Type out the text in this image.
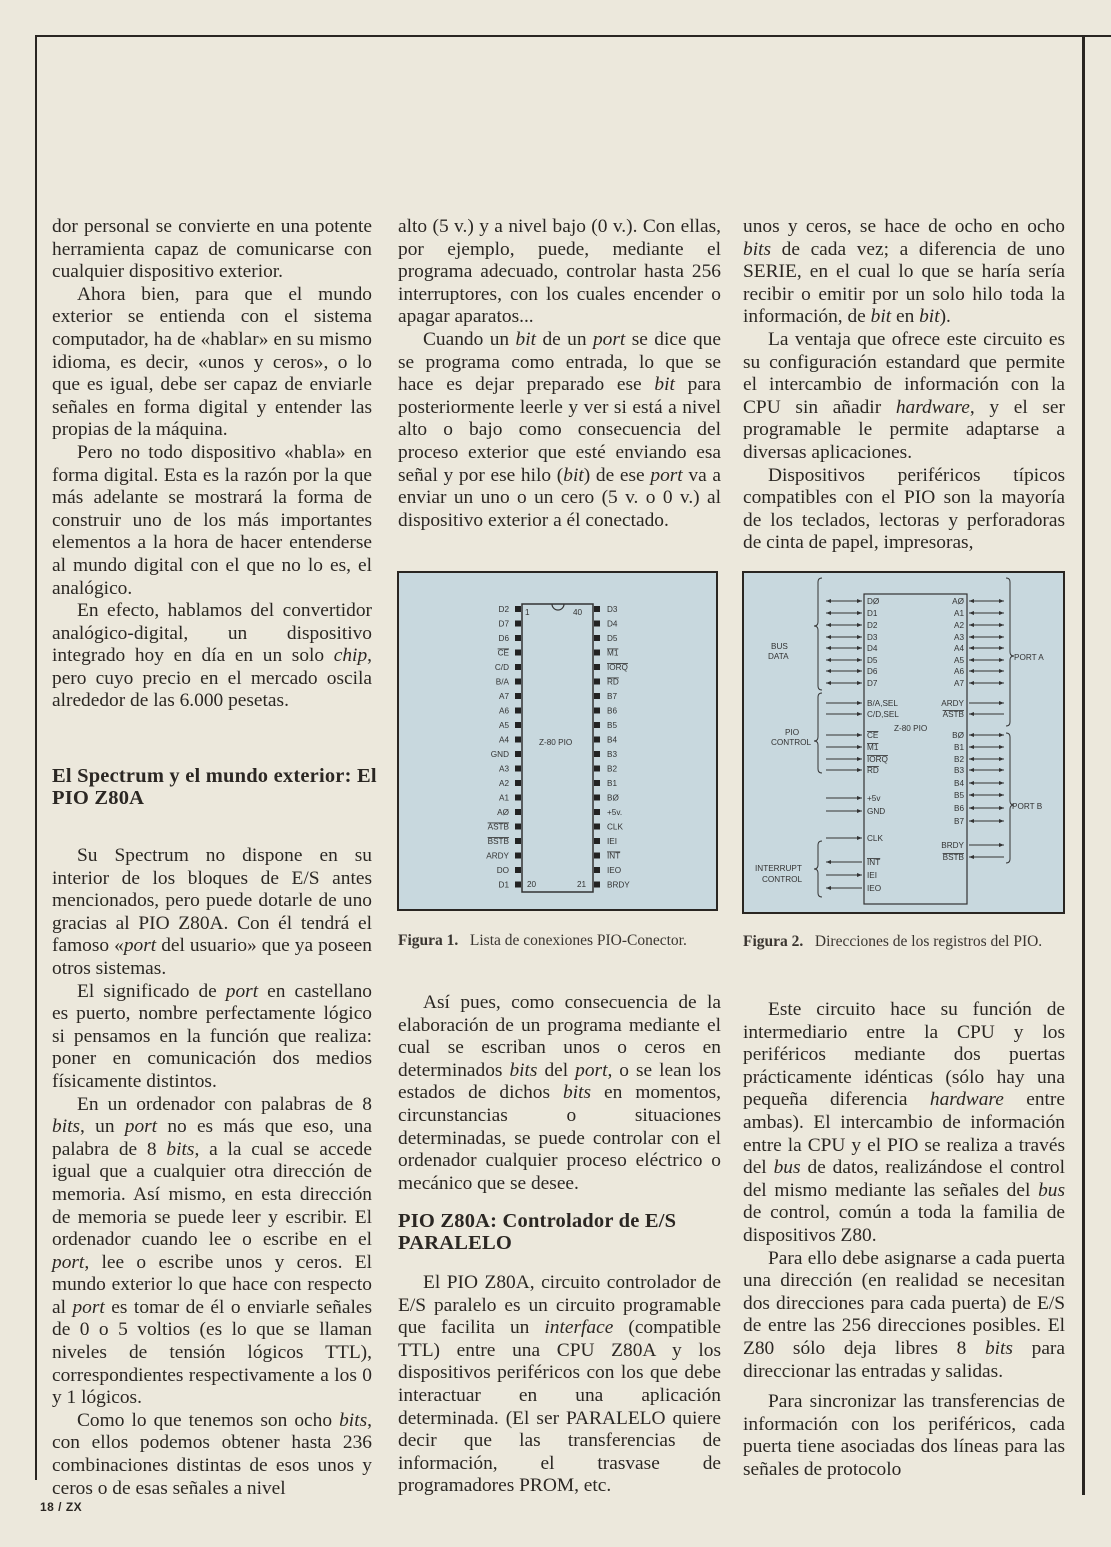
dor personal se convierte en una potente herramienta capaz de comunicarse con cualquier dispositivo exterior.

Ahora bien, para que el mundo exterior se entienda con el sistema computador, ha de «hablar» en su mismo idioma, es decir, «unos y ceros», o lo que es igual, debe ser capaz de enviarle señales en forma digital y entender las propias de la máquina.

Pero no todo dispositivo «habla» en forma digital. Esta es la razón por la que más adelante se mostrará la forma de construir uno de los más importantes elementos a la hora de hacer entenderse al mundo digital con el que no lo es, el analógico.

En efecto, hablamos del convertidor analógico-digital, un dispositivo integrado hoy en día en un solo chip, pero cuyo precio en el mercado oscila alrededor de las 6.000 pesetas.

El Spectrum y el mundo exterior: El PIO Z80A

Su Spectrum no dispone en su interior de los bloques de E/S antes mencionados, pero puede dotarle de uno gracias al PIO Z80A. Con él tendrá el famoso «port del usuario» que ya poseen otros sistemas.

El significado de port en castellano es puerto, nombre perfectamente lógico si pensamos en la función que realiza: poner en comunicación dos medios físicamente distintos.

En un ordenador con palabras de 8 bits, un port no es más que eso, una palabra de 8 bits, a la cual se accede igual que a cualquier otra dirección de memoria. Así mismo, en esta dirección de memoria se puede leer y escribir. El ordenador cuando lee o escribe en el port, lee o escribe unos y ceros. El mundo exterior lo que hace con respecto al port es tomar de él o enviarle señales de 0 o 5 voltios (es lo que se llaman niveles de tensión lógicos TTL), correspondientes respectivamente a los 0 y 1 lógicos.

Como lo que tenemos son ocho bits, con ellos podemos obtener hasta 236 combinaciones distintas de esos unos y ceros o de esas señales a nivel

alto (5 v.) y a nivel bajo (0 v.). Con ellas, por ejemplo, puede, mediante el programa adecuado, controlar hasta 256 interruptores, con los cuales encender o apagar aparatos...

Cuando un bit de un port se dice que se programa como entrada, lo que se hace es dejar preparado ese bit para posteriormente leerle y ver si está a nivel alto o bajo como consecuencia del proceso exterior que esté enviando esa señal y por ese hilo (bit) de ese port va a enviar un uno o un cero (5 v. o 0 v.) al dispositivo exterior a él conectado.

D2
D7
D6
CE
C/D
B/A
A7
A6
A5
A4
GND
A3
A2
A1
AØ
ASTB
BSTB
ARDY
DO
D1
D3
D4
D5
M1
IORQ
RD
B7
B6
B5
B4
B3
B2
B1
BØ
+5v.
CLK
IEI
INT
IEO
BRDY
1	40
20	21
Z-80 PIO
Figura 1. Lista de conexiones PIO-Conector.

Así pues, como consecuencia de la elaboración de un programa mediante el cual se escriban unos o ceros en determinados bits del port, o se lean los estados de dichos bits en momentos, circunstancias o situaciones determinadas, se puede controlar con el ordenador cualquier proceso eléctrico o mecánico que se desee.

PIO Z80A: Controlador de E/S PARALELO

El PIO Z80A, circuito controlador de E/S paralelo es un circuito programable que facilita un interface (compatible TTL) entre una CPU Z80A y los dispositivos periféricos con los que debe interactuar en una aplicación determinada. (El ser PARALELO quiere decir que las transferencias de información, el trasvase de programadores PROM, etc.

unos y ceros, se hace de ocho en ocho bits de cada vez; a diferencia de uno SERIE, en el cual lo que se haría sería recibir o emitir por un solo hilo toda la información, de bit en bit).

La ventaja que ofrece este circuito es su configuración estandard que permite el intercambio de información con la CPU sin añadir hardware, y el ser programable le permite adaptarse a diversas aplicaciones.

Dispositivos periféricos típicos compatibles con el PIO son la mayoría de los teclados, lectoras y perforadoras de cinta de papel, impresoras,

DØ
D1
D2
D3
D4
D5
D6
D7
B/A,SEL
C/D,SEL
CE
M1
IORQ
RD
+5v
GND
CLK
INT
IEI
IEO
AØ
A1
A2
A3
A4
A5
A6
A7
ARDY
ASTB
BØ
B1
B2
B3
B4
B5
B6
B7
BRDY
BSTB
Z-80 PIO
BUS
DATA
PIO
CONTROL
INTERRUPT
CONTROL
PORT A
PORT B
Figura 2. Direcciones de los registros del PIO.

Este circuito hace su función de intermediario entre la CPU y los periféricos mediante dos puertas prácticamente idénticas (sólo hay una pequeña diferencia hardware entre ambas). El intercambio de información entre la CPU y el PIO se realiza a través del bus de datos, realizándose el control del mismo mediante las señales del bus de control, común a toda la familia de dispositivos Z80.

Para ello debe asignarse a cada puerta una dirección (en realidad se necesitan dos direcciones para cada puerta) de E/S de entre las 256 direcciones posibles. El Z80 sólo deja libres 8 bits para direccionar las entradas y salidas.

Para sincronizar las transferencias de información con los periféricos, cada puerta tiene asociadas dos líneas para las señales de protocolo

18 / ZX
